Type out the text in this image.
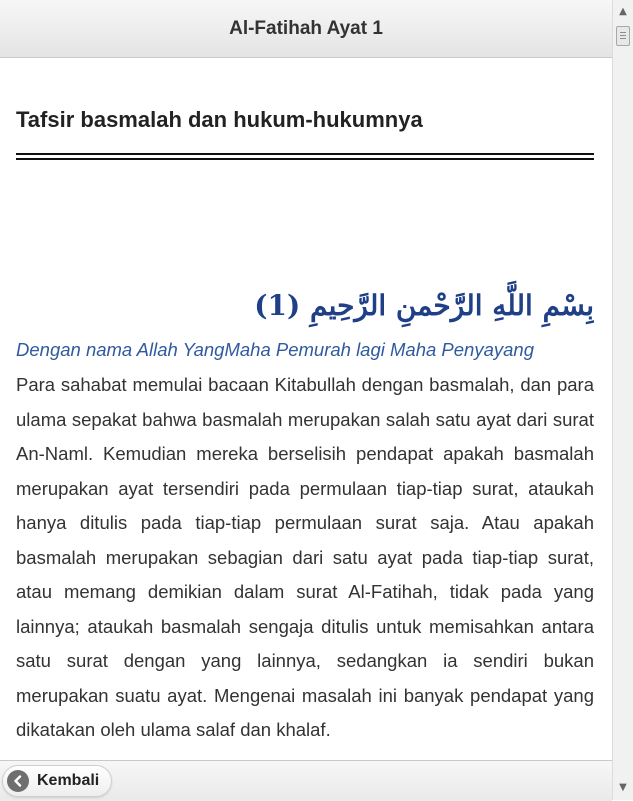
Al-Fatihah Ayat 1
▲
▼
Tafsir basmalah dan hukum-hukumnya
بِسْمِ اللَّهِ الرَّحْمنِ الرَّحِيمِ (1)
Dengan nama Allah YangMaha Pemurah lagi Maha Penyayang
Para sahabat memulai bacaan Kitabullah dengan basmalah, dan para ulama sepakat bahwa basmalah merupakan salah satu ayat dari surat An-Naml. Kemudian mereka berselisih pendapat apakah basmalah merupakan ayat tersendiri pada permulaan tiap-tiap surat, ataukah hanya ditulis pada tiap-tiap permulaan surat saja. Atau apakah basmalah merupakan sebagian dari satu ayat pada tiap-tiap surat, atau memang demikian dalam surat Al-Fatihah, tidak pada yang lainnya; ataukah basmalah sengaja ditulis untuk memisahkan antara satu surat dengan yang lainnya, sedangkan ia sendiri bukan merupakan suatu ayat. Mengenai masalah ini banyak pendapat yang dikatakan oleh ulama salaf dan khalaf.
Kembali
